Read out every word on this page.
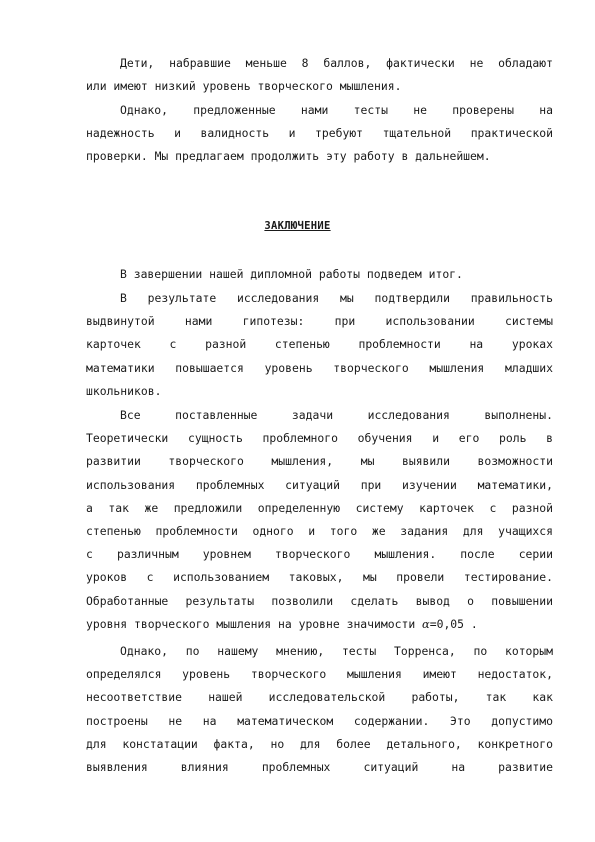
Дети, набравшие меньше 8 баллов, фактически не обладают
или имеют низкий уровень творческого мышления.
Однако, предложенные нами тесты не проверены на
надежность и валидность и требуют тщательной практической
проверки. Мы предлагаем продолжить эту работу в дальнейшем.
ЗАКЛЮЧЕНИЕ
В завершении нашей дипломной работы подведем итог.
В результате исследования мы подтвердили правильность
выдвинутой нами гипотезы: при использовании системы
карточек с разной степенью проблемности на уроках
математики повышается уровень творческого мышления младших
школьников.
Все поставленные задачи исследования выполнены.
Теоретически сущность проблемного обучения и его роль в
развитии творческого мышления, мы выявили возможности
использования проблемных ситуаций при изучении математики,
а так же предложили определенную систему карточек с разной
степенью проблемности одного и того же задания для учащихся
с различным уровнем творческого мышления. после серии
уроков с использованием таковых, мы провели тестирование.
Обработанные результаты позволили сделать вывод о повышении
уровня творческого мышления на уровне значимости α=0,05 .
Однако, по нашему мнению, тесты Торренса, по которым
определялся уровень творческого мышления имеют недостаток,
несоответствие нашей исследовательской работы, так как
построены не на математическом содержании. Это допустимо
для констатации факта, но для более детального, конкретного
выявления влияния проблемных ситуаций на развитие
